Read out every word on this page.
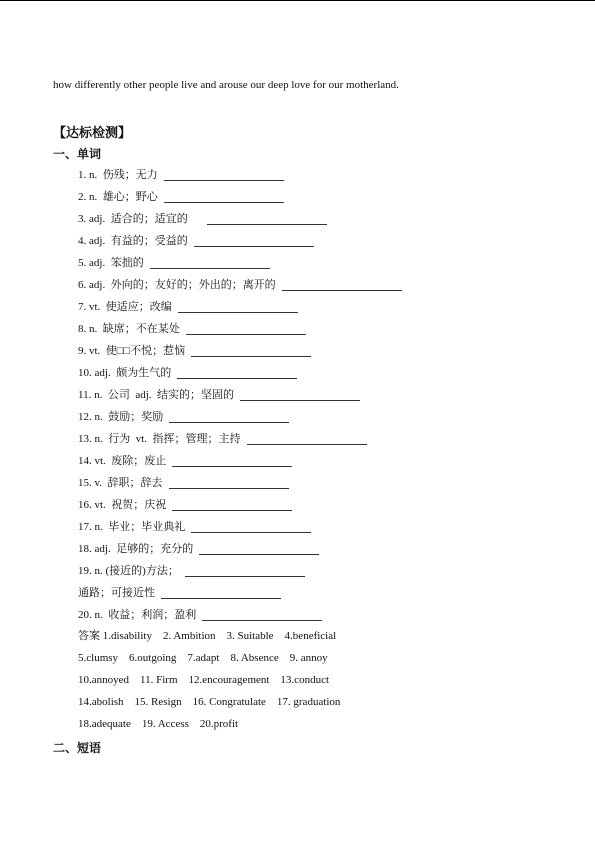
how differently other people live and arouse our deep love for our motherland.
【达标检测】
一、单词
1. n.  伤残；无力
2. n.  雄心；野心
3. adj.  适合的；适宜的
4. adj.  有益的；受益的
5. adj.  笨拙的
6. adj.  外向的；友好的；外出的；离开的
7. vt.  使适应；改编
8. n.  缺席；不在某处
9. vt.  使□□不悦；惹恼
10. adj.  颇为生气的
11. n.  公司  adj.  结实的；坚固的
12. n.  鼓励；奖励
13. n.  行为  vt.  指挥；管理；主持
14. vt.  废除；废止
15. v.  辞职；辞去
16. vt.  祝贺；庆祝
17. n.  毕业；毕业典礼
18. adj.  足够的；充分的
19. n. (接近的)方法；
通路；可接近性
20. n.  收益；利润；盈利
答案 1.disability    2. Ambition    3. Suitable    4.beneficial
5.clumsy    6.outgoing    7.adapt    8. Absence    9. annoy
10.annoyed    11. Firm    12.encouragement    13.conduct
14.abolish    15. Resign    16. Congratulate    17. graduation
18.adequate    19. Access    20.profit
二、短语
